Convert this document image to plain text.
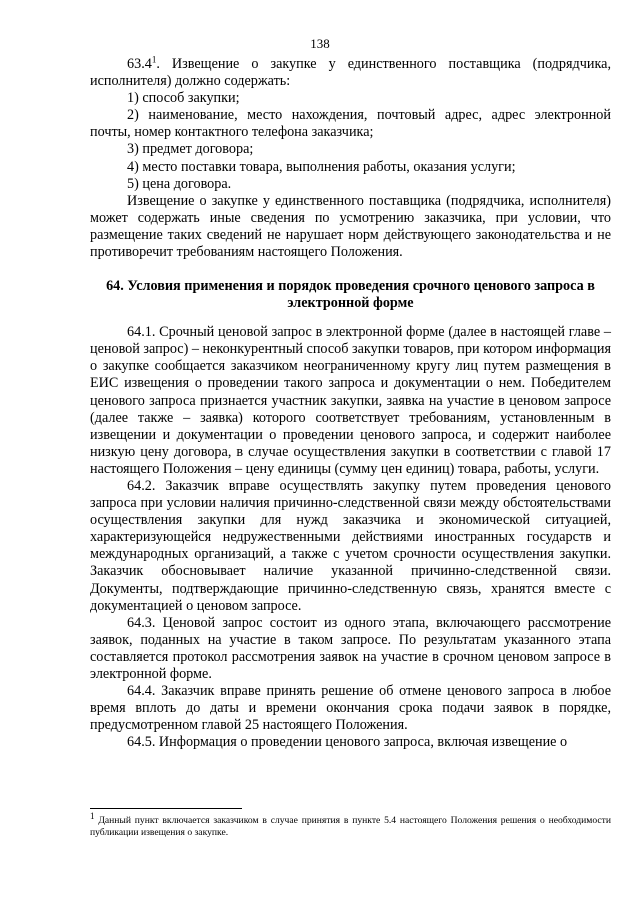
138

63.4$^1$. Извещение о закупке у единственного поставщика (подрядчика, исполнителя) должно содержать:

1) способ закупки;

2) наименование, место нахождения, почтовый адрес, адрес электронной почты, номер контактного телефона заказчика;

3) предмет договора;

4) место поставки товара, выполнения работы, оказания услуги;

5) цена договора.

Извещение о закупке у единственного поставщика (подрядчика, исполнителя) может содержать иные сведения по усмотрению заказчика, при условии, что размещение таких сведений не нарушает норм действующего законодательства и не противоречит требованиям настоящего Положения.

64. Условия применения и порядок проведения срочного ценового запроса в электронной форме

64.1. Срочный ценовой запрос в электронной форме (далее в настоящей главе – ценовой запрос) – неконкурентный способ закупки товаров, при котором информация о закупке сообщается заказчиком неограниченному кругу лиц путем размещения в ЕИС извещения о проведении такого запроса и документации о нем. Победителем ценового запроса признается участник закупки, заявка на участие в ценовом запросе (далее также – заявка) которого соответствует требованиям, установленным в извещении и документации о проведении ценового запроса, и содержит наиболее низкую цену договора, в случае осуществления закупки в соответствии с главой 17 настоящего Положения – цену единицы (сумму цен единиц) товара, работы, услуги.

64.2. Заказчик вправе осуществлять закупку путем проведения ценового запроса при условии наличия причинно-следственной связи между обстоятельствами осуществления закупки для нужд заказчика и экономической ситуацией, характеризующейся недружественными действиями иностранных государств и международных организаций, а также с учетом срочности осуществления закупки. Заказчик обосновывает наличие указанной причинно-следственной связи. Документы, подтверждающие причинно-следственную связь, хранятся вместе с документацией о ценовом запросе.

64.3. Ценовой запрос состоит из одного этапа, включающего рассмотрение заявок, поданных на участие в таком запросе. По результатам указанного этапа составляется протокол рассмотрения заявок на участие в срочном ценовом запросе в электронной форме.

64.4. Заказчик вправе принять решение об отмене ценового запроса в любое время вплоть до даты и времени окончания срока подачи заявок в порядке, предусмотренном главой 25 настоящего Положения.

64.5. Информация о проведении ценового запроса, включая извещение о

1 Данный пункт включается заказчиком в случае принятия в пункте 5.4 настоящего Положения решения о необходимости публикации извещения о закупке.
